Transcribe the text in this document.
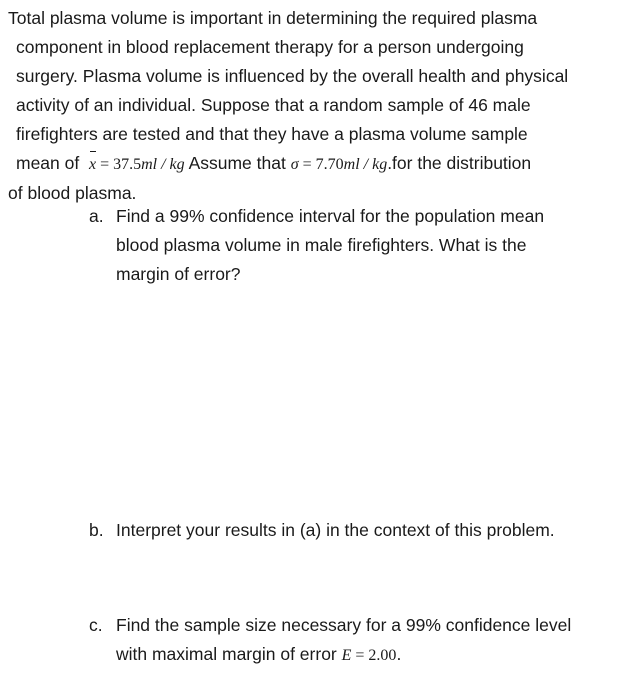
Total plasma volume is important in determining the required plasma
component in blood replacement therapy for a person undergoing
surgery. Plasma volume is influenced by the overall health and physical
activity of an individual. Suppose that a random sample of 46 male
firefighters are tested and that they have a plasma volume sample
mean of x = 37.5ml / kg Assume that σ = 7.70ml / kg.for the distribution
of blood plasma.
a. Find a 99% confidence interval for the population mean
blood plasma volume in male firefighters. What is the
margin of error?
b. Interpret your results in (a) in the context of this problem.
c. Find the sample size necessary for a 99% confidence level
with maximal margin of error E = 2.00.
